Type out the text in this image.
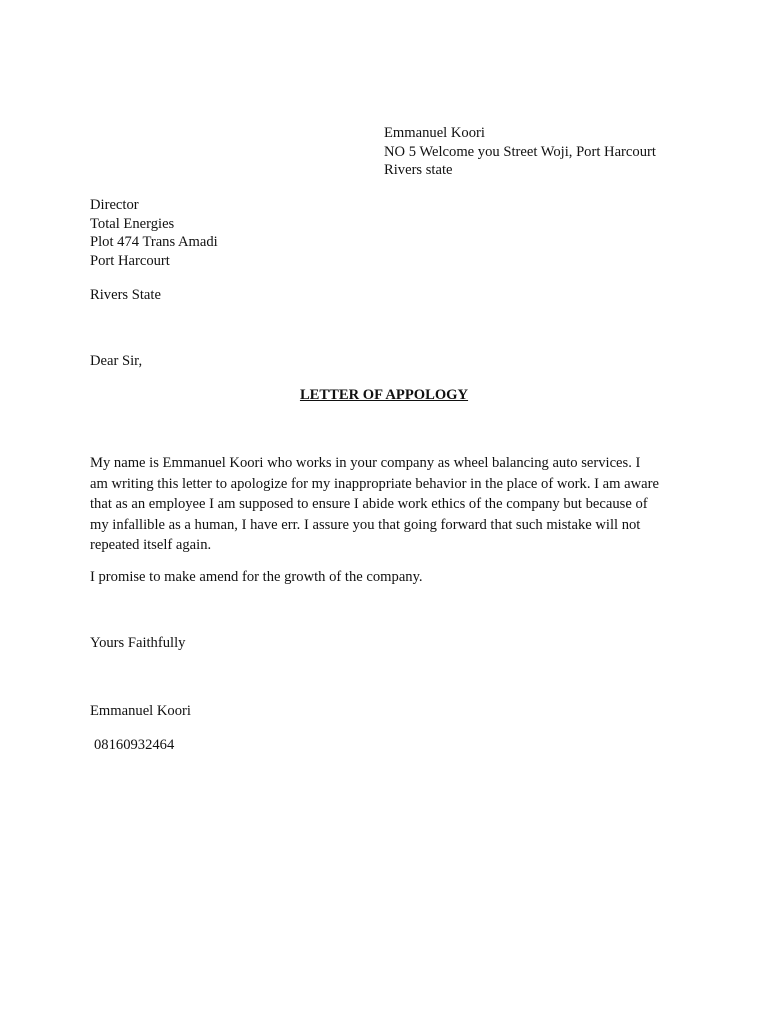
Emmanuel Koori
NO 5 Welcome you Street Woji, Port Harcourt
Rivers state
Director
Total Energies
Plot 474 Trans Amadi
Port Harcourt
Rivers State
Dear Sir,
LETTER OF APPOLOGY
My name is Emmanuel Koori who works in your company as wheel balancing auto services. I
am writing this letter to apologize for my inappropriate behavior in the place of work. I am aware
that as an employee I am supposed to ensure I abide work ethics of the company but because of
my infallible as a human, I have err. I assure you that going forward that such mistake will not
repeated itself again.
I promise to make amend for the growth of the company.
Yours Faithfully
Emmanuel Koori
08160932464
